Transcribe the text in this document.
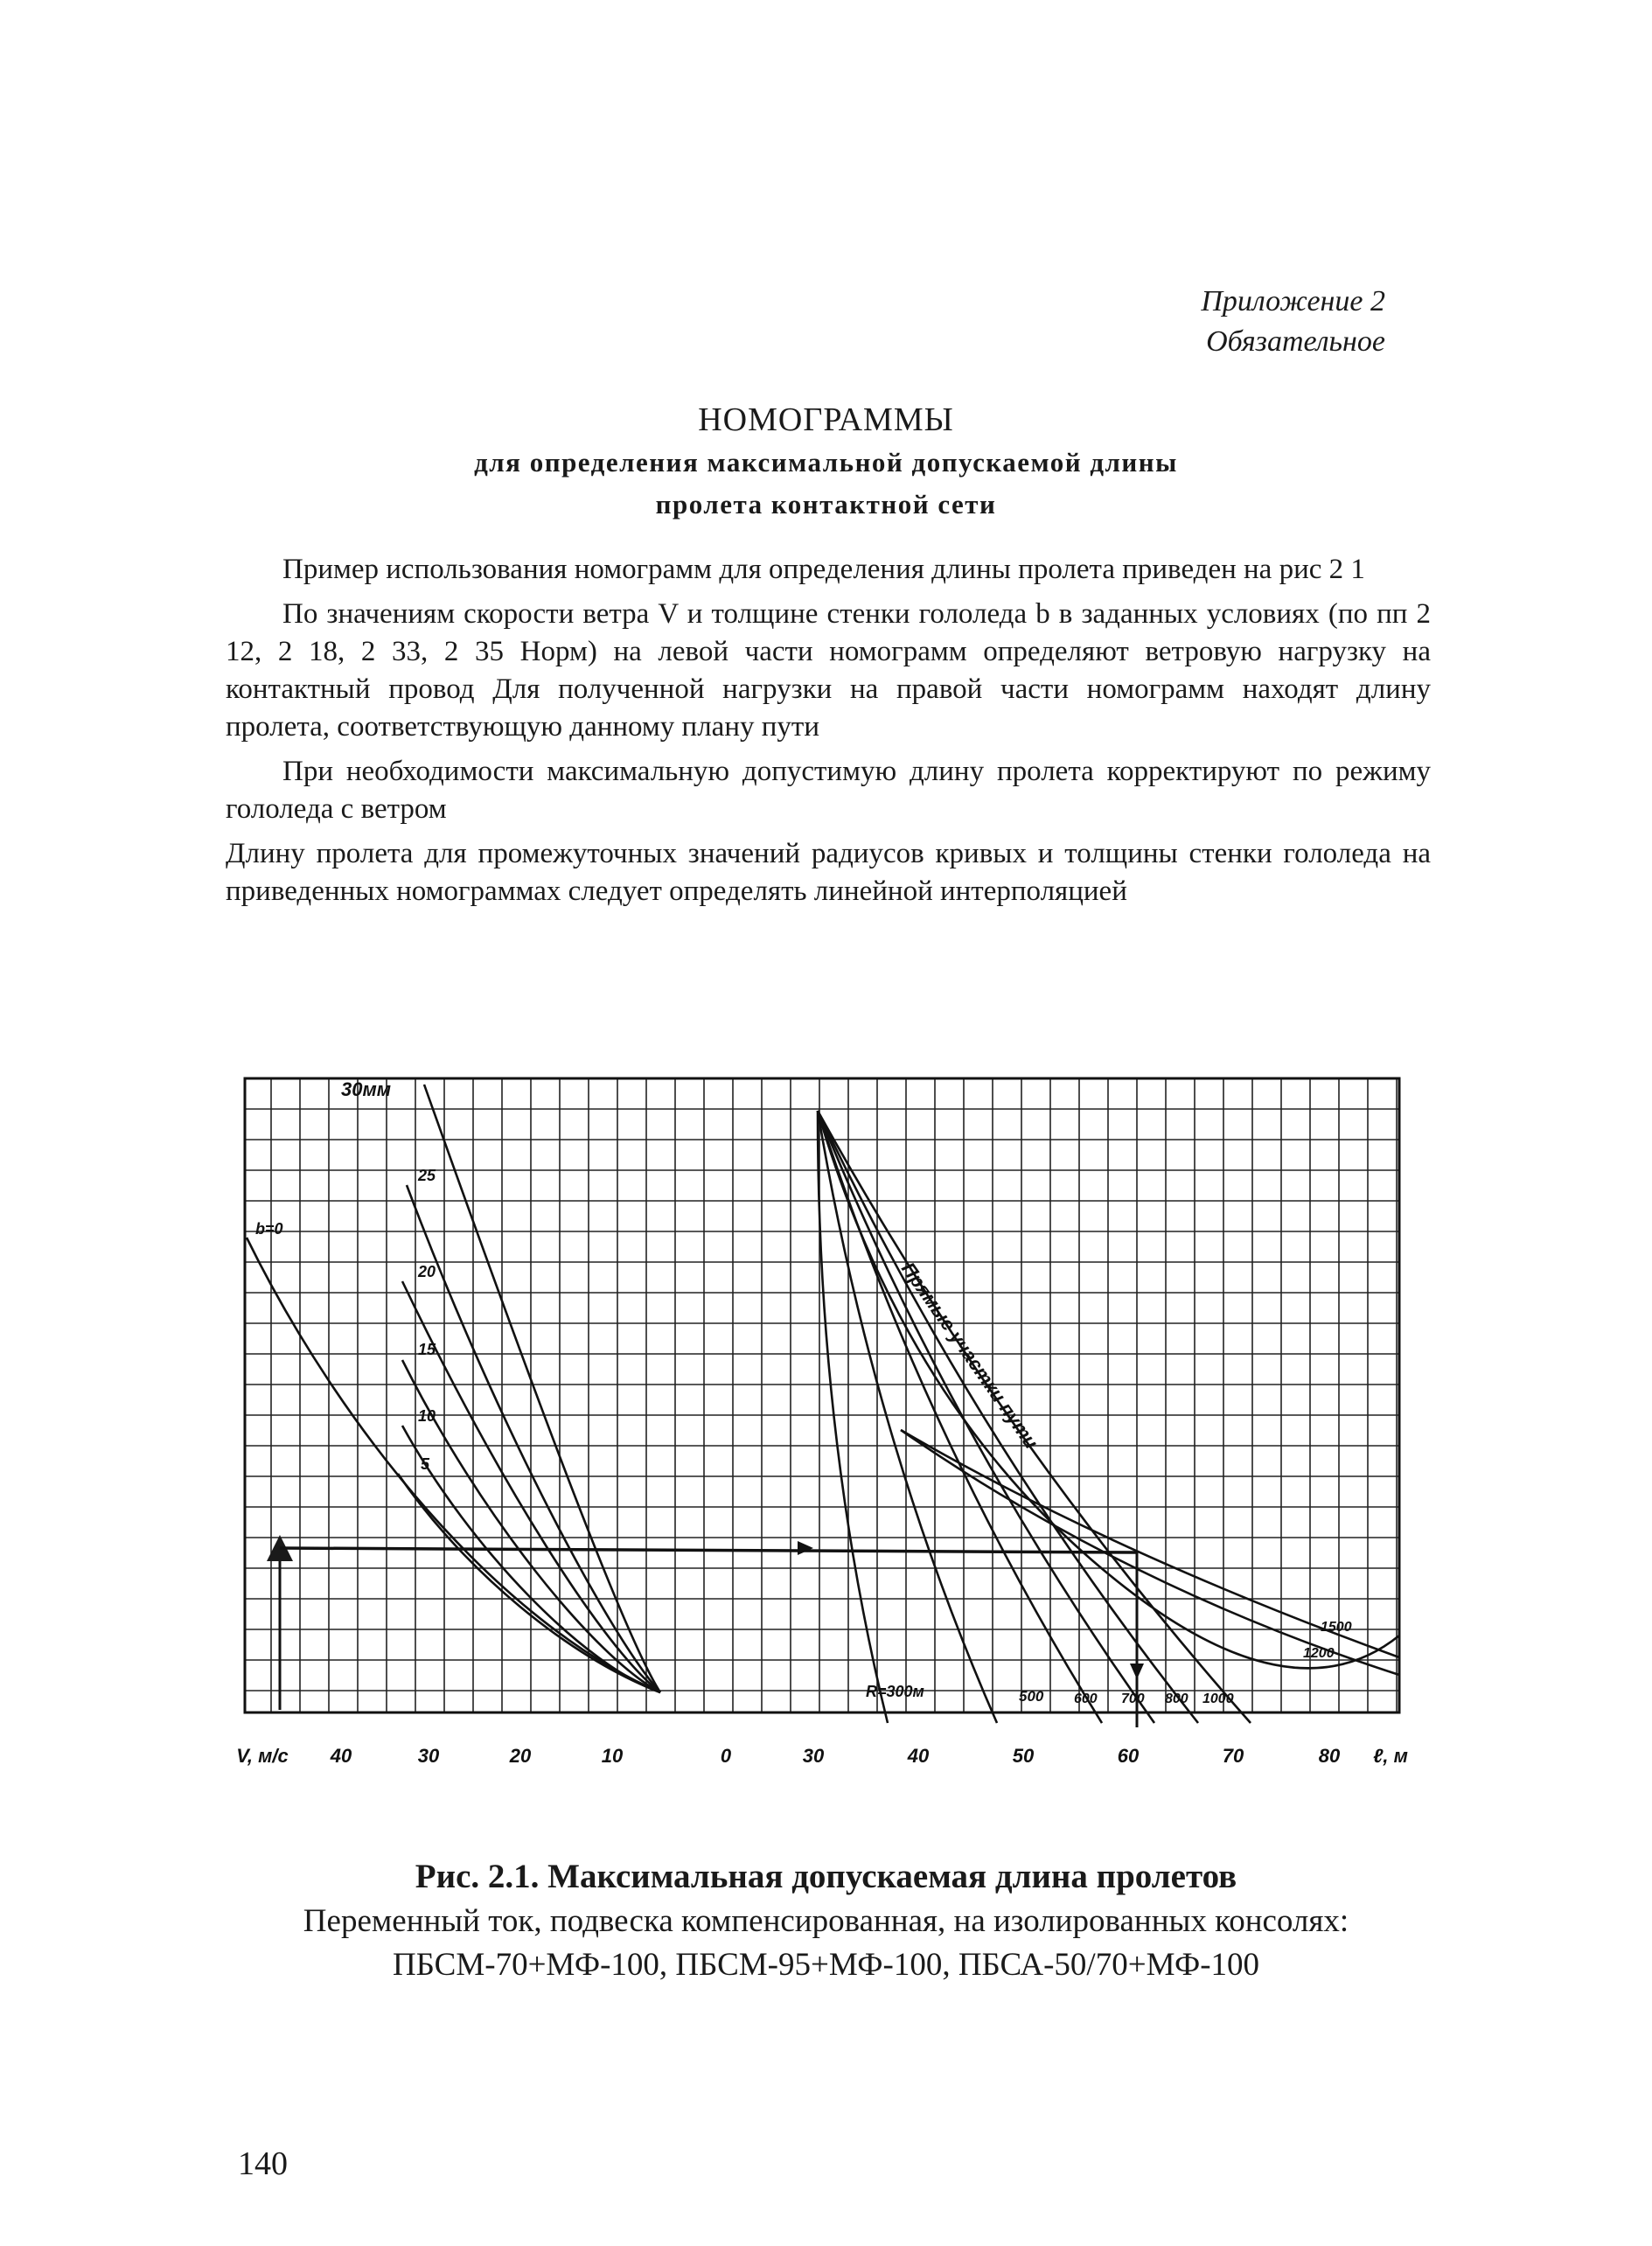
Приложение 2
Обязательное
НОМОГРАММЫ
для определения максимальной допускаемой длины
пролета контактной сети

Пример использования номограмм для определения длины пролета приведен на рис 2 1

По значениям скорости ветра V и толщине стенки гололеда b в заданных условиях (по пп 2 12, 2 18, 2 33, 2 35 Норм) на левой части номограмм определяют ветровую нагрузку на контактный провод Для полученной нагрузки на правой части номограмм находят длину пролета, соответствующую данному плану пути

При необходимости максимальную допустимую длину пролета корректируют по режиму гололеда с ветром

Длину пролета для промежуточных значений радиусов кривых и толщины стенки гололеда на приведенных номограммах следует определять линейной интерполяцией

b=0
5
10
15
20
25
30мм
R=300м	500 600 700 800 1000
1200
1500
Прямые участки пути
V, м/с 40	30	20	10	0	30	40	50	60	70	80 ℓ, м
Рис. 2.1. Максимальная допускаемая длина пролетов
Переменный ток, подвеска компенсированная, на изолированных консолях:
ПБСМ-70+МФ-100, ПБСМ-95+МФ-100, ПБСА-50/70+МФ-100
140
